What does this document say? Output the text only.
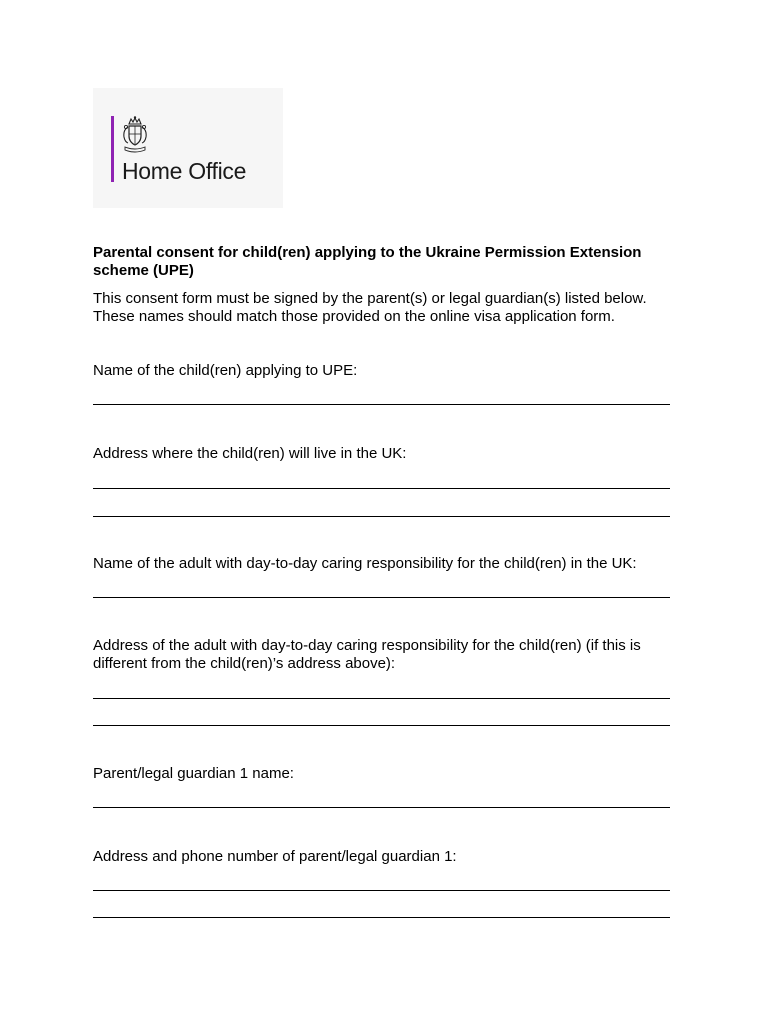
Home Office
Parental consent for child(ren) applying to the Ukraine Permission Extension scheme (UPE)

This consent form must be signed by the parent(s) or legal guardian(s) listed below.

These names should match those provided on the online visa application form.

Name of the child(ren) applying to UPE:
Address where the child(ren) will live in the UK:
Name of the adult with day-to-day caring responsibility for the child(ren) in the UK:
Address of the adult with day-to-day caring responsibility for the child(ren) (if this is different from the child(ren)’s address above):
Parent/legal guardian 1 name:
Address and phone number of parent/legal guardian 1:
